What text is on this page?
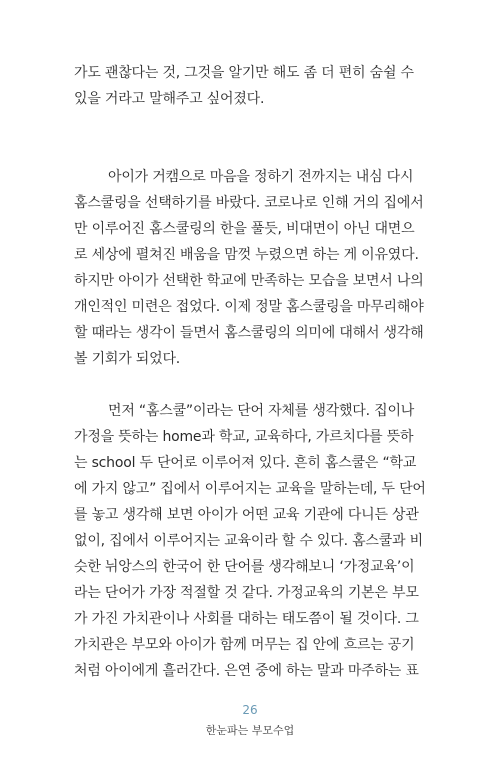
가도 괜찮다는 것, 그것을 알기만 해도 좀 더 편히 숨쉴 수
있을 거라고 말해주고 싶어졌다.
아이가 거캠으로 마음을 정하기 전까지는 내심 다시
홈스쿨링을 선택하기를 바랐다. 코로나로 인해 거의 집에서
만 이루어진 홈스쿨링의 한을 풀듯, 비대면이 아닌 대면으
로 세상에 펼쳐진 배움을 맘껏 누렸으면 하는 게 이유였다.
하지만 아이가 선택한 학교에 만족하는 모습을 보면서 나의
개인적인 미련은 접었다. 이제 정말 홈스쿨링을 마무리해야
할 때라는 생각이 들면서 홈스쿨링의 의미에 대해서 생각해
볼 기회가 되었다.
먼저 “홈스쿨”이라는 단어 자체를 생각했다. 집이나
가정을 뜻하는 home과 학교, 교육하다, 가르치다를 뜻하
는 school 두 단어로 이루어져 있다. 흔히 홈스쿨은 “학교
에 가지 않고” 집에서 이루어지는 교육을 말하는데, 두 단어
를 놓고 생각해 보면 아이가 어떤 교육 기관에 다니든 상관
없이, 집에서 이루어지는 교육이라 할 수 있다. 홈스쿨과 비
슷한 뉘앙스의 한국어 한 단어를 생각해보니 ‘가정교육’이
라는 단어가 가장 적절할 것 같다. 가정교육의 기본은 부모
가 가진 가치관이나 사회를 대하는 태도쯤이 될 것이다. 그
가치관은 부모와 아이가 함께 머무는 집 안에 흐르는 공기
처럼 아이에게 흘러간다. 은연 중에 하는 말과 마주하는 표
26
한눈파는 부모수업
